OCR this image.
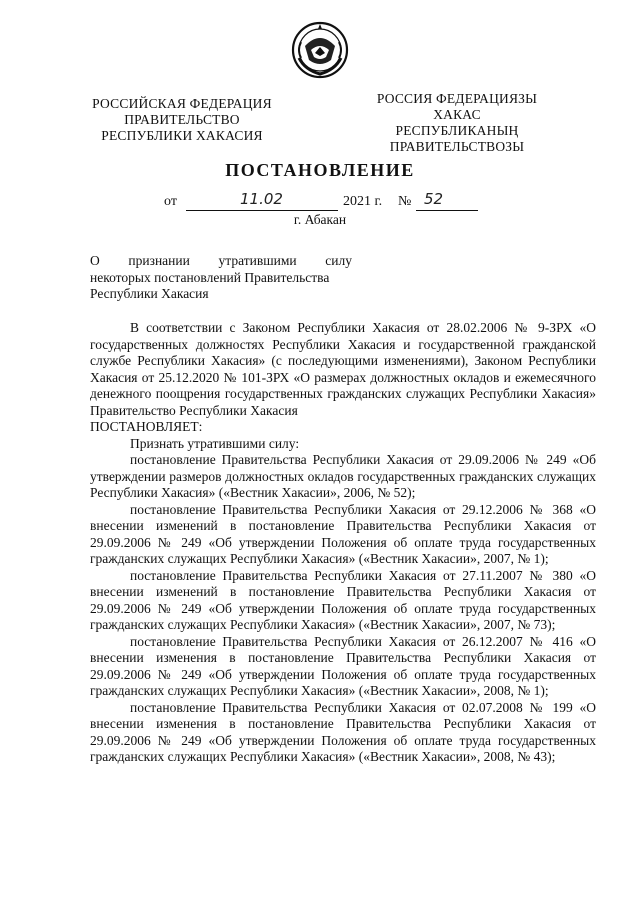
РОССИЙСКАЯ ФЕДЕРАЦИЯ
ПРАВИТЕЛЬСТВО
РЕСПУБЛИКИ ХАКАСИЯ
РОССИЯ ФЕДЕРАЦИЯЗЫ
ХАКАС РЕСПУБЛИКАНЫҢ
ПРАВИТЕЛЬСТВОЗЫ
ПОСТАНОВЛЕНИЕ
от	11.02	2021 г. № 52
г. Абакан
О признании утратившими силу
некоторых постановлений Правительства
Республики Хакасия

В соответствии с Законом Республики Хакасия от 28.02.2006 № 9-ЗРХ «О государственных должностях Республики Хакасия и государственной гражданской службе Республики Хакасия» (с последующими изменениями), Законом Республики Хакасия от 25.12.2020 № 101-ЗРХ «О размерах должностных окладов и ежемесячного денежного поощрения государственных гражданских служащих Республики Хакасия» Правительство Республики Хакасия

ПОСТАНОВЛЯЕТ:

Признать утратившими силу:

постановление Правительства Республики Хакасия от 29.09.2006 № 249 «Об утверждении размеров должностных окладов государственных гражданских служащих Республики Хакасия» («Вестник Хакасии», 2006, № 52);

постановление Правительства Республики Хакасия от 29.12.2006 № 368 «О внесении изменений в постановление Правительства Республики Хакасия от 29.09.2006 № 249 «Об утверждении Положения об оплате труда государственных гражданских служащих Республики Хакасия» («Вестник Хакасии», 2007, № 1);

постановление Правительства Республики Хакасия от 27.11.2007 № 380 «О внесении изменений в постановление Правительства Республики Хакасия от 29.09.2006 № 249 «Об утверждении Положения об оплате труда государственных гражданских служащих Республики Хакасия» («Вестник Хакасии», 2007, № 73);

постановление Правительства Республики Хакасия от 26.12.2007 № 416 «О внесении изменения в постановление Правительства Республики Хакасия от 29.09.2006 № 249 «Об утверждении Положения об оплате труда государственных гражданских служащих Республики Хакасия» («Вестник Хакасии», 2008, № 1);

постановление Правительства Республики Хакасия от 02.07.2008 № 199 «О внесении изменения в постановление Правительства Республики Хакасия от 29.09.2006 № 249 «Об утверждении Положения об оплате труда государственных гражданских служащих Республики Хакасия» («Вестник Хакасии», 2008, № 43);
